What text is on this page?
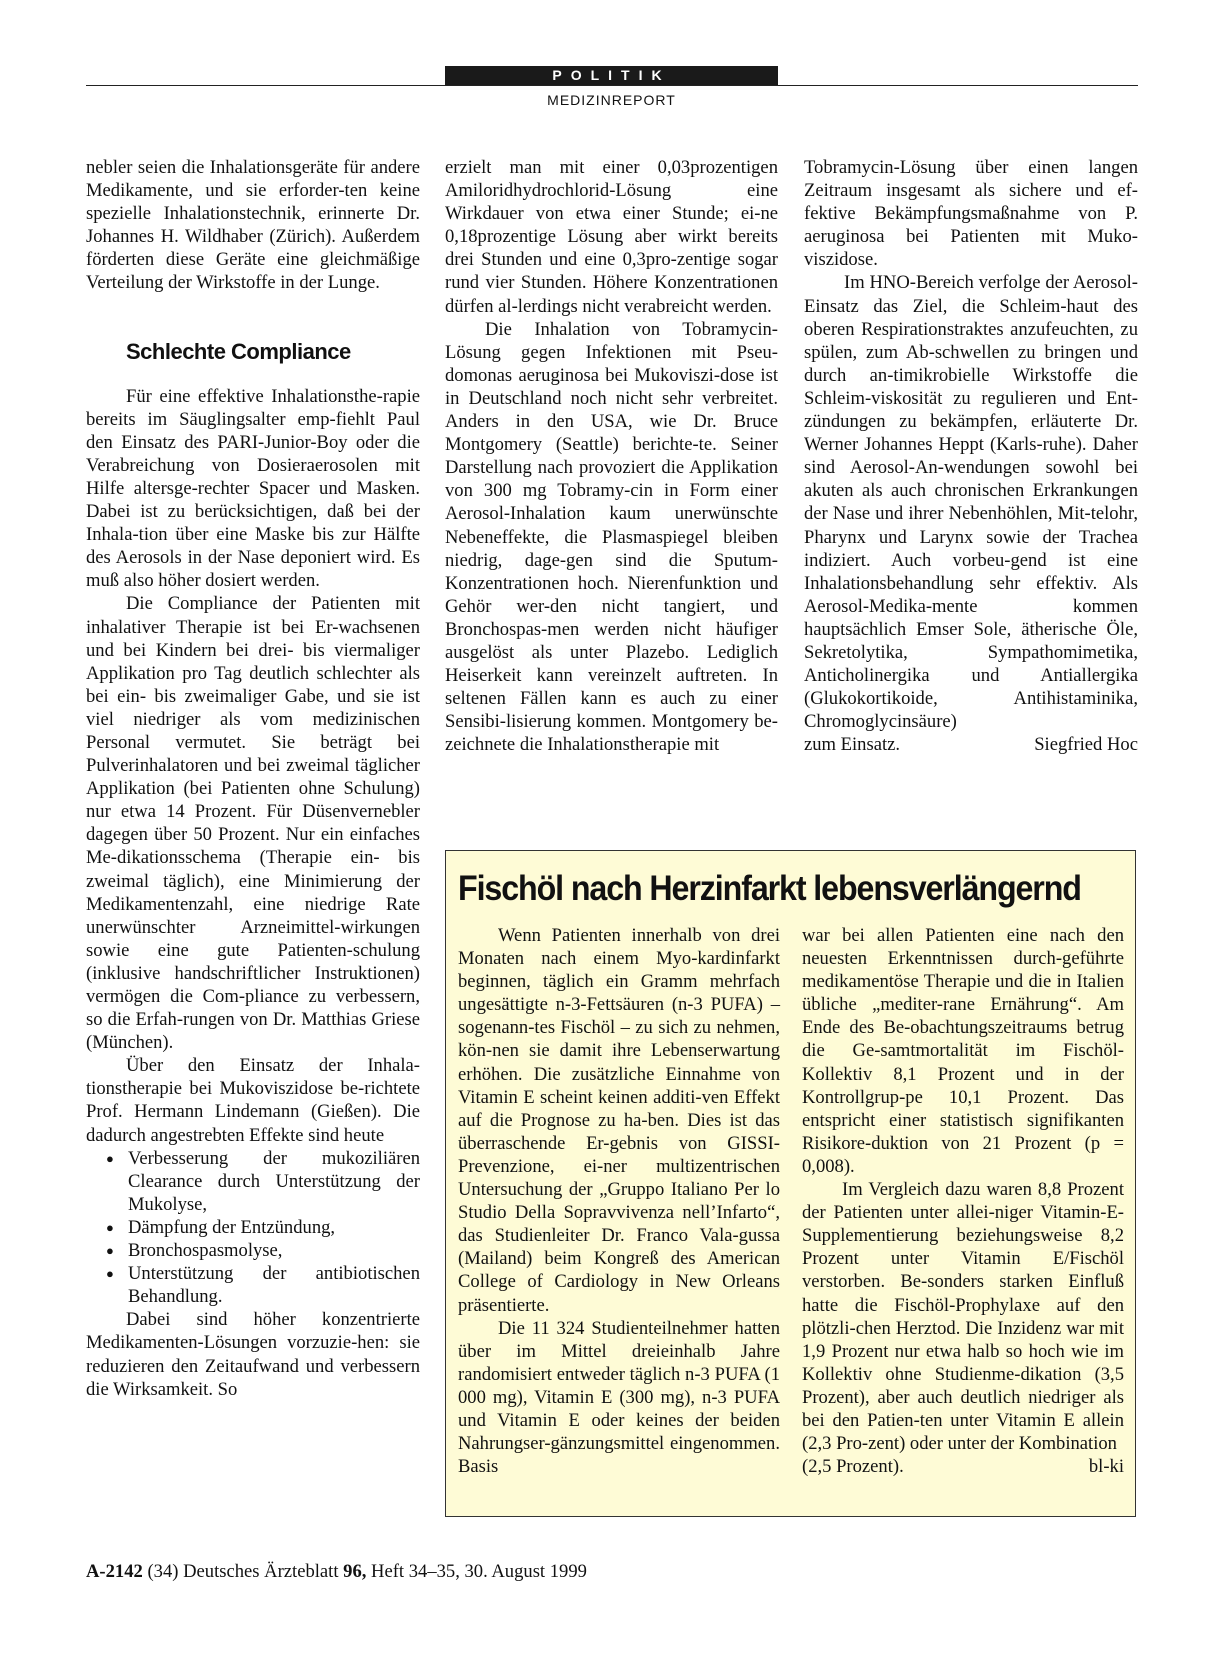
POLITIK
MEDIZINREPORT

nebler seien die Inhalationsgeräte für andere Medikamente, und sie erforder-ten keine spezielle Inhalationstechnik, erinnerte Dr. Johannes H. Wildhaber (Zürich). Außerdem förderten diese Geräte eine gleichmäßige Verteilung der Wirkstoffe in der Lunge.

Schlechte Compliance

Für eine effektive Inhalationsthe-rapie bereits im Säuglingsalter emp-fiehlt Paul den Einsatz des PARI-Junior-Boy oder die Verabreichung von Dosieraerosolen mit Hilfe altersge-rechter Spacer und Masken. Dabei ist zu berücksichtigen, daß bei der Inhala-tion über eine Maske bis zur Hälfte des Aerosols in der Nase deponiert wird. Es muß also höher dosiert werden.

Die Compliance der Patienten mit inhalativer Therapie ist bei Er-wachsenen und bei Kindern bei drei- bis viermaliger Applikation pro Tag deutlich schlechter als bei ein- bis zweimaliger Gabe, und sie ist viel niedriger als vom medizinischen Personal vermutet. Sie beträgt bei Pulverinhalatoren und bei zweimal täglicher Applikation (bei Patienten ohne Schulung) nur etwa 14 Prozent. Für Düsenvernebler dagegen über 50 Prozent. Nur ein einfaches Me-dikationsschema (Therapie ein- bis zweimal täglich), eine Minimierung der Medikamentenzahl, eine niedrige Rate unerwünschter Arzneimittel-wirkungen sowie eine gute Patienten-schulung (inklusive handschriftlicher Instruktionen) vermögen die Com-pliance zu verbessern, so die Erfah-rungen von Dr. Matthias Griese (München).

Über den Einsatz der Inhala-tionstherapie bei Mukoviszidose be-richtete Prof. Hermann Lindemann (Gießen). Die dadurch angestrebten Effekte sind heute

● Verbesserung der mukoziliären Clearance durch Unterstützung der Mukolyse,
● Dämpfung der Entzündung,
● Bronchospasmolyse,
● Unterstützung der antibiotischen Behandlung.

Dabei sind höher konzentrierte Medikamenten-Lösungen vorzuzie-hen: sie reduzieren den Zeitaufwand und verbessern die Wirksamkeit. So

erzielt man mit einer 0,03prozentigen Amiloridhydrochlorid-Lösung eine Wirkdauer von etwa einer Stunde; ei-ne 0,18prozentige Lösung aber wirkt bereits drei Stunden und eine 0,3pro-zentige sogar rund vier Stunden. Höhere Konzentrationen dürfen al-lerdings nicht verabreicht werden.

Die Inhalation von Tobramycin-Lösung gegen Infektionen mit Pseu-domonas aeruginosa bei Mukoviszi-dose ist in Deutschland noch nicht sehr verbreitet. Anders in den USA, wie Dr. Bruce Montgomery (Seattle) berichte-te. Seiner Darstellung nach provoziert die Applikation von 300 mg Tobramy-cin in Form einer Aerosol-Inhalation kaum unerwünschte Nebeneffekte, die Plasmaspiegel bleiben niedrig, dage-gen sind die Sputum-Konzentrationen hoch. Nierenfunktion und Gehör wer-den nicht tangiert, und Bronchospas-men werden nicht häufiger ausgelöst als unter Plazebo. Lediglich Heiserkeit kann vereinzelt auftreten. In seltenen Fällen kann es auch zu einer Sensibi-lisierung kommen. Montgomery be-zeichnete die Inhalationstherapie mit

Tobramycin-Lösung über einen langen Zeitraum insgesamt als sichere und ef-fektive Bekämpfungsmaßnahme von P. aeruginosa bei Patienten mit Muko-viszidose.

Im HNO-Bereich verfolge der Aerosol-Einsatz das Ziel, die Schleim-haut des oberen Respirationstraktes anzufeuchten, zu spülen, zum Ab-schwellen zu bringen und durch an-timikrobielle Wirkstoffe die Schleim-viskosität zu regulieren und Ent-zündungen zu bekämpfen, erläuterte Dr. Werner Johannes Heppt (Karls-ruhe). Daher sind Aerosol-An-wendungen sowohl bei akuten als auch chronischen Erkrankungen der Nase und ihrer Nebenhöhlen, Mit-telohr, Pharynx und Larynx sowie der Trachea indiziert. Auch vorbeu-gend ist eine Inhalationsbehandlung sehr effektiv. Als Aerosol-Medika-mente kommen hauptsächlich Emser Sole, ätherische Öle, Sekretolytika, Sympathomimetika, Anticholinergika und Antiallergika (Glukokortikoide, Antihistaminika, Chromoglycinsäure)

zum Einsatz.	Siegfried Hoc
Fischöl nach Herzinfarkt lebensverlängernd

Wenn Patienten innerhalb von drei Monaten nach einem Myo-kardinfarkt beginnen, täglich ein Gramm mehrfach ungesättigte n-3-Fettsäuren (n-3 PUFA) – sogenann-tes Fischöl – zu sich zu nehmen, kön-nen sie damit ihre Lebenserwartung erhöhen. Die zusätzliche Einnahme von Vitamin E scheint keinen additi-ven Effekt auf die Prognose zu ha-ben. Dies ist das überraschende Er-gebnis von GISSI-Prevenzione, ei-ner multizentrischen Untersuchung der „Gruppo Italiano Per lo Studio Della Sopravvivenza nell’Infarto“, das Studienleiter Dr. Franco Vala-gussa (Mailand) beim Kongreß des American College of Cardiology in New Orleans präsentierte.

Die 11 324 Studienteilnehmer hatten über im Mittel dreieinhalb Jahre randomisiert entweder täglich n-3 PUFA (1 000 mg), Vitamin E (300 mg), n-3 PUFA und Vitamin E oder keines der beiden Nahrungser-gänzungsmittel eingenommen. Basis

war bei allen Patienten eine nach den neuesten Erkenntnissen durch-geführte medikamentöse Therapie und die in Italien übliche „mediter-rane Ernährung“. Am Ende des Be-obachtungszeitraums betrug die Ge-samtmortalität im Fischöl-Kollektiv 8,1 Prozent und in der Kontrollgrup-pe 10,1 Prozent. Das entspricht einer statistisch signifikanten Risikore-duktion von 21 Prozent (p = 0,008).

Im Vergleich dazu waren 8,8 Prozent der Patienten unter allei-niger Vitamin-E-Supplementierung beziehungsweise 8,2 Prozent unter Vitamin E/Fischöl verstorben. Be-sonders starken Einfluß hatte die Fischöl-Prophylaxe auf den plötzli-chen Herztod. Die Inzidenz war mit 1,9 Prozent nur etwa halb so hoch wie im Kollektiv ohne Studienme-dikation (3,5 Prozent), aber auch deutlich niedriger als bei den Patien-ten unter Vitamin E allein (2,3 Pro-zent) oder unter der Kombination

(2,5 Prozent).	bl-ki
A-2142 (34) Deutsches Ärzteblatt 96, Heft 34–35, 30. August 1999
